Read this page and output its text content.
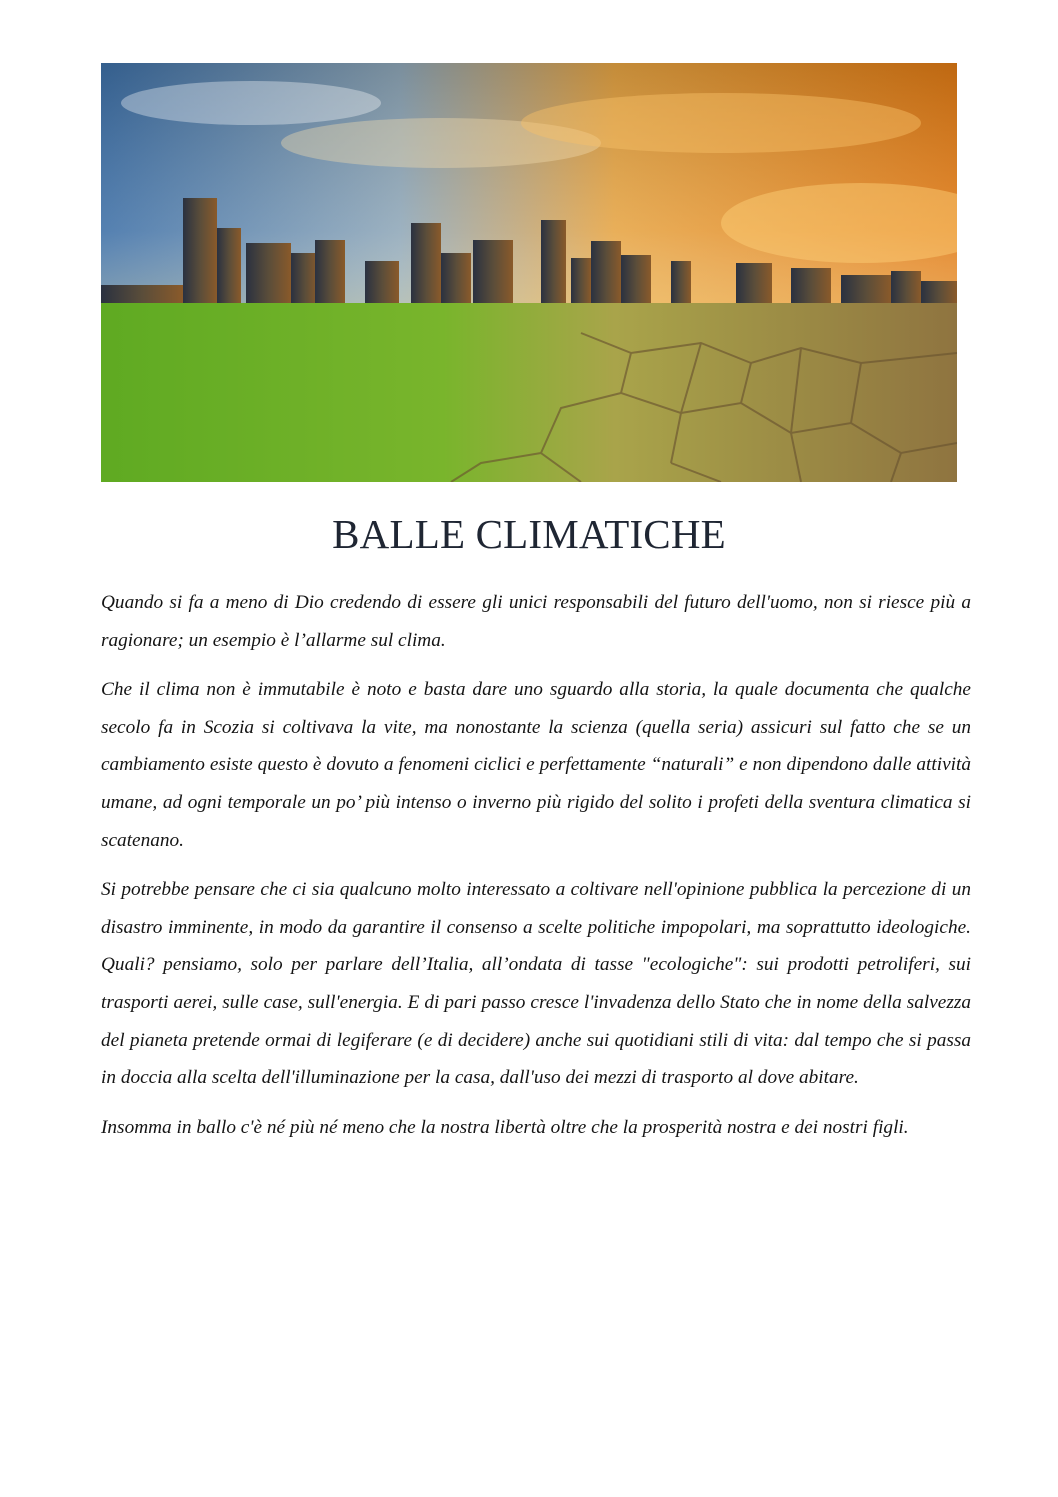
BALLE CLIMATICHE

Quando si fa a meno di Dio credendo di essere gli unici responsabili del futuro dell'uomo, non si riesce più a ragionare; un esempio è l’allarme sul clima.

Che il clima non è immutabile è noto e basta dare uno sguardo alla storia, la quale documenta che qualche secolo fa in Scozia si coltivava la vite, ma nonostante la scienza (quella seria) assicuri sul fatto che se un cambiamento esiste questo è dovuto a fenomeni ciclici e perfettamente “naturali” e non dipendono dalle attività umane, ad ogni temporale un po’ più intenso o inverno più rigido del solito i profeti della sventura climatica si scatenano.

Si potrebbe pensare che ci sia qualcuno molto interessato a coltivare nell'opinione pubblica la percezione di un disastro imminente, in modo da garantire il consenso a scelte politiche impopolari, ma soprattutto ideologiche. Quali? pensiamo, solo per parlare dell’Italia, all’ondata di tasse "ecologiche": sui prodotti petroliferi, sui trasporti aerei, sulle case, sull'energia. E di pari passo cresce l'invadenza dello Stato che in nome della salvezza del pianeta pretende ormai di legiferare (e di decidere) anche sui quotidiani stili di vita: dal tempo che si passa in doccia alla scelta dell'illuminazione per la casa, dall'uso dei mezzi di trasporto al dove abitare.

Insomma in ballo c'è né più né meno che la nostra libertà oltre che la prosperità nostra e dei nostri figli.
